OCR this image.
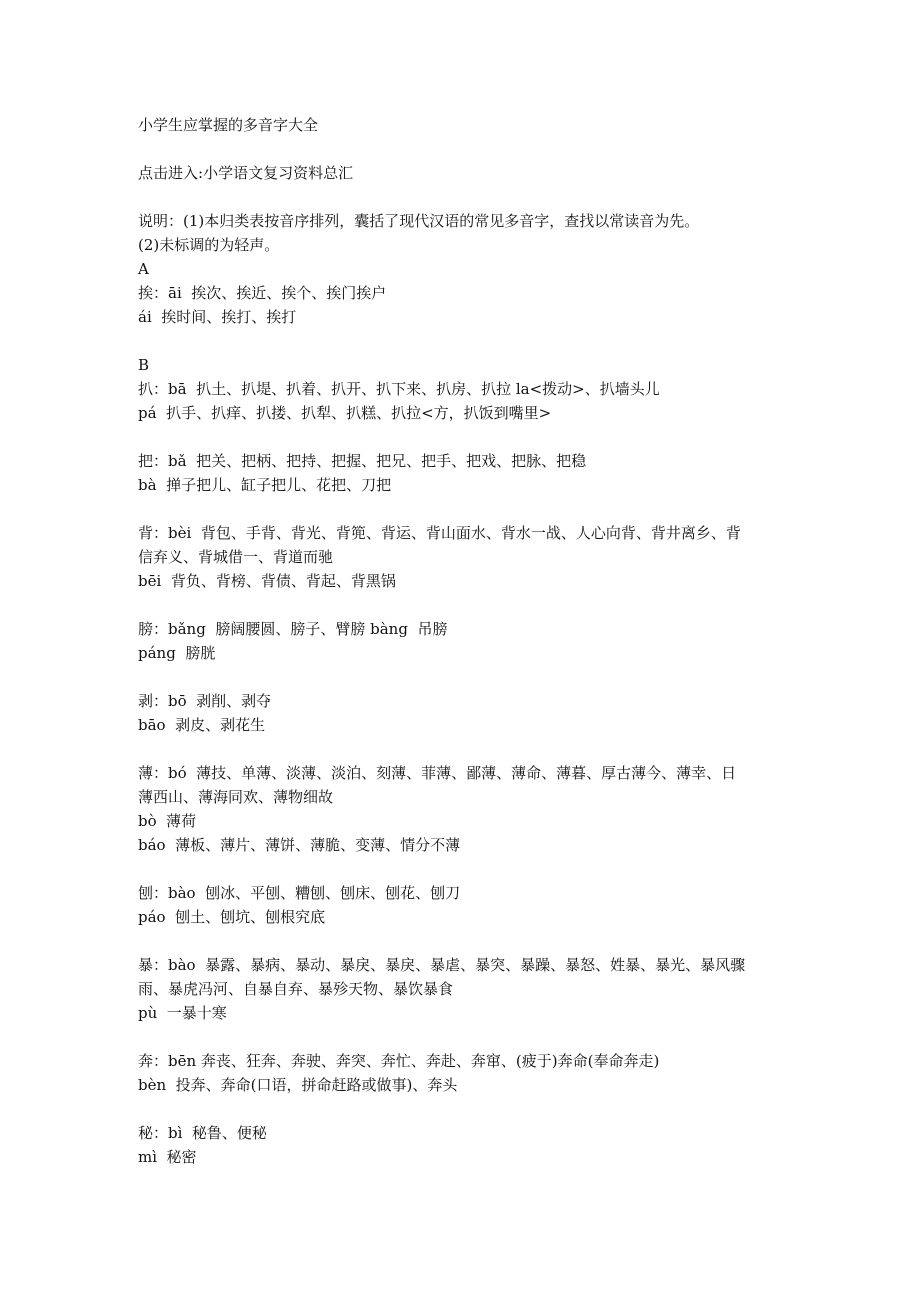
小学生应掌握的多音字大全
点击进入:小学语文复习资料总汇
说明：(1)本归类表按音序排列，囊括了现代汉语的常见多音字，查找以常读音为先。
(2)未标调的为轻声。
A
挨：āi  挨次、挨近、挨个、挨门挨户
ái  挨时间、挨打、挨打
B
扒：bā  扒土、扒堤、扒着、扒开、扒下来、扒房、扒拉 la<拨动>、扒墙头儿
pá  扒手、扒痒、扒搂、扒犁、扒糕、扒拉<方，扒饭到嘴里>
把：bǎ  把关、把柄、把持、把握、把兄、把手、把戏、把脉、把稳
bà  掸子把儿、缸子把儿、花把、刀把
背：bèi  背包、手背、背光、背篼、背运、背山面水、背水一战、人心向背、背井离乡、背
信弃义、背城借一、背道而驰
bēi  背负、背榜、背债、背起、背黑锅
膀：bǎng  膀阔腰圆、膀子、臂膀 bàng  吊膀
páng  膀胱
剥：bō  剥削、剥夺
bāo  剥皮、剥花生
薄：bó  薄技、单薄、淡薄、淡泊、刻薄、菲薄、鄙薄、薄命、薄暮、厚古薄今、薄幸、日
薄西山、薄海同欢、薄物细故
bò  薄荷
báo  薄板、薄片、薄饼、薄脆、变薄、情分不薄
刨：bào  刨冰、平刨、糟刨、刨床、刨花、刨刀
páo  刨土、刨坑、刨根究底
暴：bào  暴露、暴病、暴动、暴戾、暴戾、暴虐、暴突、暴躁、暴怒、姓暴、暴光、暴风骤
雨、暴虎冯河、自暴自弃、暴殄天物、暴饮暴食
pù  一暴十寒
奔：bēn 奔丧、狂奔、奔驶、奔突、奔忙、奔赴、奔窜、(疲于)奔命(奉命奔走)
bèn  投奔、奔命(口语，拼命赶路或做事)、奔头
秘：bì  秘鲁、便秘
mì  秘密
